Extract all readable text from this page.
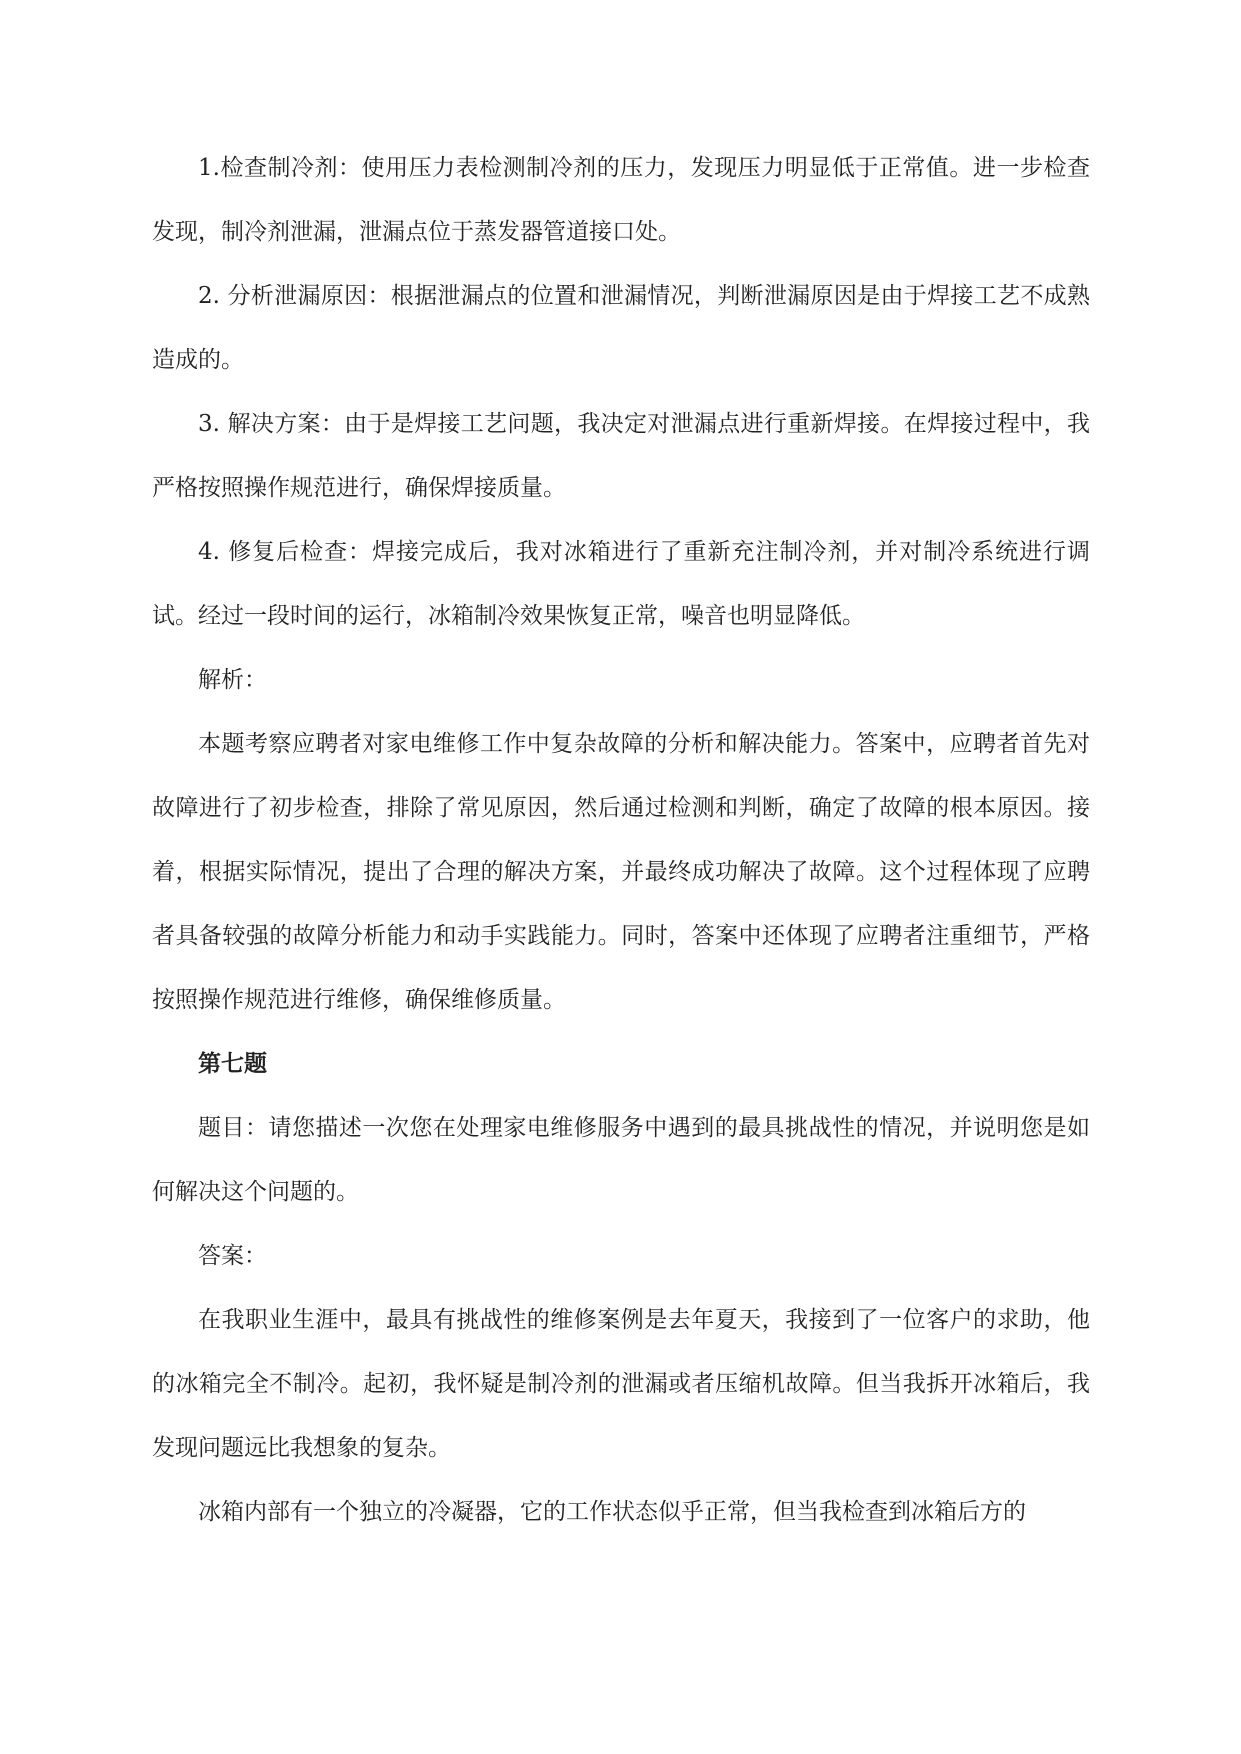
1.检查制冷剂：使用压力表检测制冷剂的压力，发现压力明显低于正常值。进一步检查发现，制冷剂泄漏，泄漏点位于蒸发器管道接口处。

2. 分析泄漏原因：根据泄漏点的位置和泄漏情况，判断泄漏原因是由于焊接工艺不成熟造成的。

3. 解决方案：由于是焊接工艺问题，我决定对泄漏点进行重新焊接。在焊接过程中，我严格按照操作规范进行，确保焊接质量。

4. 修复后检查：焊接完成后，我对冰箱进行了重新充注制冷剂，并对制冷系统进行调试。经过一段时间的运行，冰箱制冷效果恢复正常，噪音也明显降低。

解析：

本题考察应聘者对家电维修工作中复杂故障的分析和解决能力。答案中，应聘者首先对故障进行了初步检查，排除了常见原因，然后通过检测和判断，确定了故障的根本原因。接着，根据实际情况，提出了合理的解决方案，并最终成功解决了故障。这个过程体现了应聘者具备较强的故障分析能力和动手实践能力。同时，答案中还体现了应聘者注重细节，严格按照操作规范进行维修，确保维修质量。

第七题

题目：请您描述一次您在处理家电维修服务中遇到的最具挑战性的情况，并说明您是如何解决这个问题的。

答案：

在我职业生涯中，最具有挑战性的维修案例是去年夏天，我接到了一位客户的求助，他的冰箱完全不制冷。起初，我怀疑是制冷剂的泄漏或者压缩机故障。但当我拆开冰箱后，我发现问题远比我想象的复杂。

冰箱内部有一个独立的冷凝器，它的工作状态似乎正常，但当我检查到冰箱后方的
